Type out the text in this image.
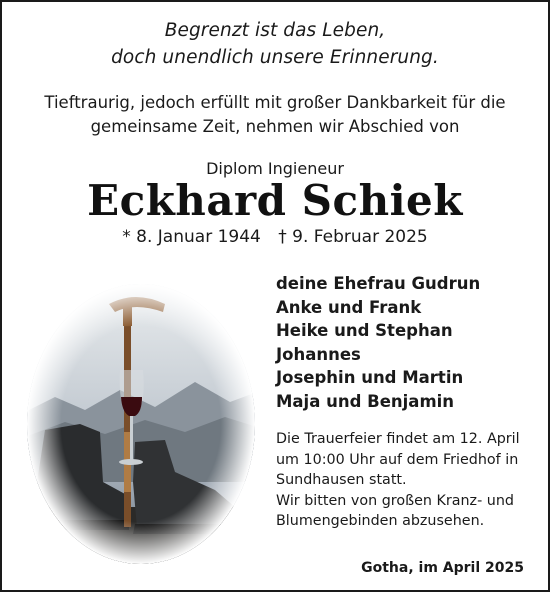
Begrenzt ist das Leben,
doch unendlich unsere Erinnerung.
Tieftraurig, jedoch erfüllt mit großer Dankbarkeit für die
gemeinsame Zeit, nehmen wir Abschied von
Diplom Ingieneur
Eckhard Schiek
* 8. Januar 1944 † 9. Februar 2025
deine Ehefrau Gudrun
Anke und Frank
Heike und Stephan
Johannes
Josephin und Martin
Maja und Benjamin
Die Trauerfeier findet am 12. April
um 10:00 Uhr auf dem Friedhof in
Sundhausen statt.
Wir bitten von großen Kranz- und
Blumengebinden abzusehen.
Gotha, im April 2025
